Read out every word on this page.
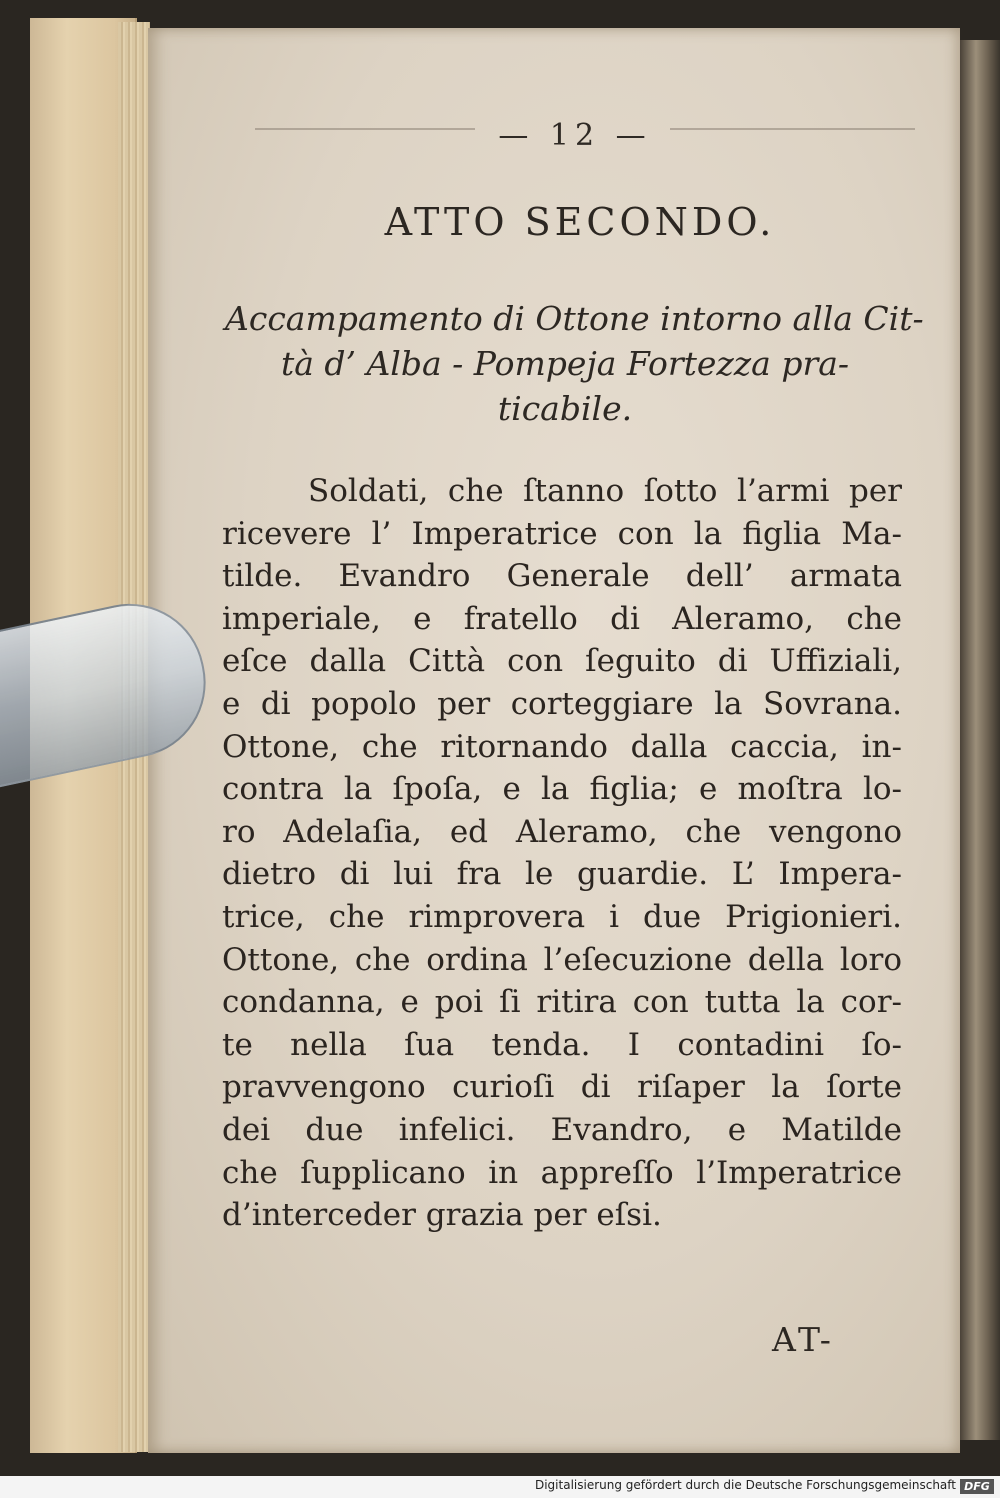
— 12 —
ATTO SECONDO.
Accampamento di Ottone intorno alla Cit-
tà d’ Alba - Pompeja Fortezza pra-
ticabile.
Soldati, che ſtanno ſotto l’armi per
ricevere l’ Imperatrice con la figlia Ma-
tilde. Evandro Generale dell’ armata
imperiale, e fratello di Aleramo, che
eſce dalla Città con ſeguito di Uffiziali,
e di popolo per corteggiare la Sovrana.
Ottone, che ritornando dalla caccia, in-
contra la ſpoſa, e la figlia; e moſtra lo-
ro Adelaſia, ed Aleramo, che vengono
dietro di lui fra le guardie. L’ Impera-
trice, che rimprovera i due Prigionieri.
Ottone, che ordina l’eſecuzione della loro
condanna, e poi ſi ritira con tutta la cor-
te nella ſua tenda. I contadini ſo-
pravvengono curioſi di riſaper la ſorte
dei due infelici. Evandro, e Matilde
che ſupplicano in appreſſo l’Imperatrice
d’interceder grazia per eſsi.
AT-
Digitalisierung gefördert durch die Deutsche Forschungsgemeinschaft DFG
